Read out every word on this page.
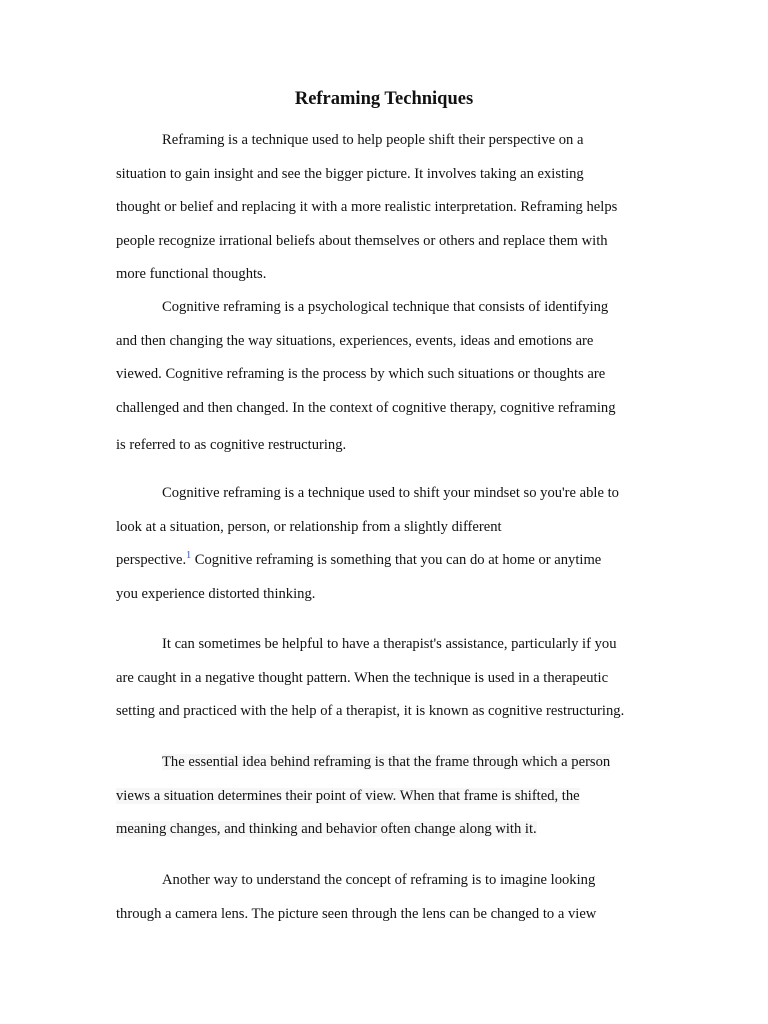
Reframing Techniques

Reframing is a technique used to help people shift their perspective on a
situation to gain insight and see the bigger picture. It involves taking an existing
thought or belief and replacing it with a more realistic interpretation. Reframing helps
people recognize irrational beliefs about themselves or others and replace them with
more functional thoughts.

Cognitive reframing is a psychological technique that consists of identifying
and then changing the way situations, experiences, events, ideas and emotions are
viewed. Cognitive reframing is the process by which such situations or thoughts are
challenged and then changed. In the context of cognitive therapy, cognitive reframing
is referred to as cognitive restructuring.

Cognitive reframing is a technique used to shift your mindset so you're able to
look at a situation, person, or relationship from a slightly different
perspective.$^1$ Cognitive reframing is something that you can do at home or anytime
you experience distorted thinking.

It can sometimes be helpful to have a therapist's assistance, particularly if you
are caught in a negative thought pattern. When the technique is used in a therapeutic
setting and practiced with the help of a therapist, it is known as cognitive restructuring.

The essential idea behind reframing is that the frame through which a person
views a situation determines their point of view. When that frame is shifted, the
meaning changes, and thinking and behavior often change along with it.

Another way to understand the concept of reframing is to imagine looking
through a camera lens. The picture seen through the lens can be changed to a view
